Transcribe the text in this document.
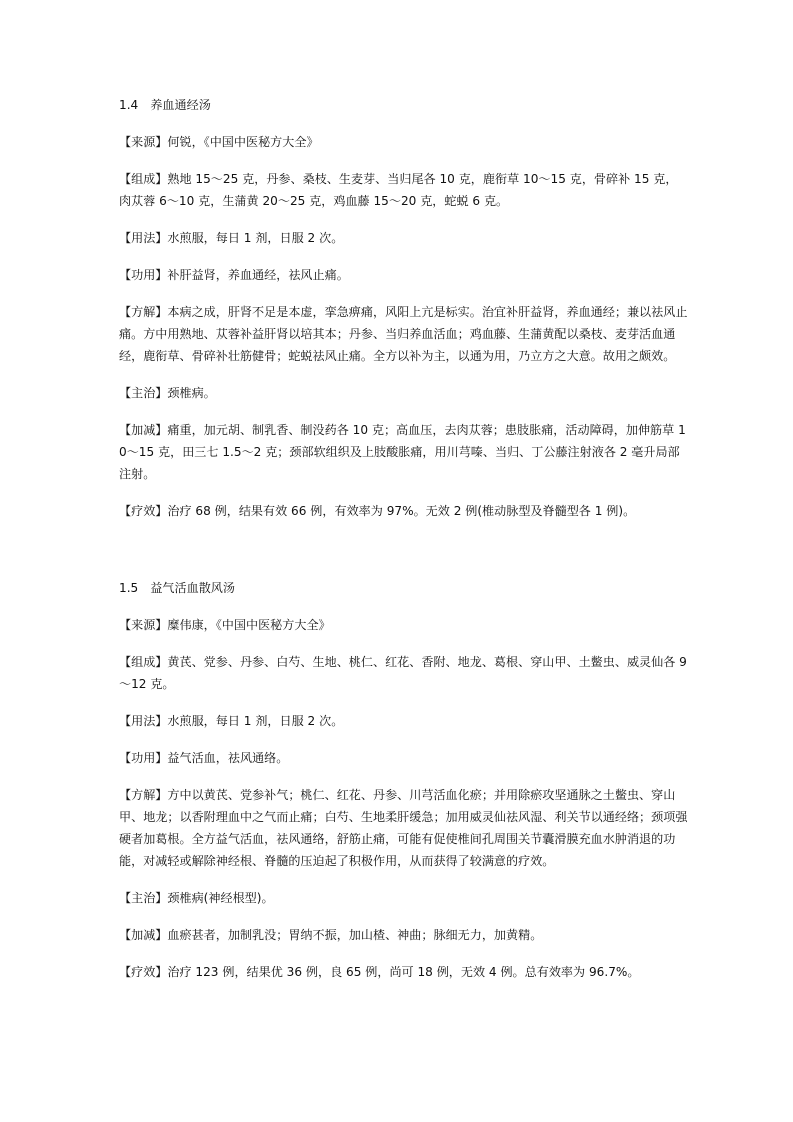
1.4　养血通经汤
【来源】何锐，《中国中医秘方大全》
【组成】熟地 15～25 克，丹参、桑枝、生麦芽、当归尾各 10 克，鹿衔草 10～15 克，骨碎补 15 克，肉苁蓉 6～10 克，生蒲黄 20～25 克，鸡血藤 15～20 克，蛇蜕 6 克。
【用法】水煎服，每日 1 剂，日服 2 次。
【功用】补肝益肾，养血通经，祛风止痛。
【方解】本病之成，肝肾不足是本虚，挛急痹痛，风阳上亢是标实。治宜补肝益肾，养血通经；兼以祛风止痛。方中用熟地、苁蓉补益肝肾以培其本；丹参、当归养血活血；鸡血藤、生蒲黄配以桑枝、麦芽活血通经，鹿衔草、骨碎补壮筋健骨；蛇蜕祛风止痛。全方以补为主，以通为用，乃立方之大意。故用之颇效。
【主治】颈椎病。
【加减】痛重，加元胡、制乳香、制没药各 10 克；高血压，去肉苁蓉；患肢胀痛，活动障碍，加伸筋草 10～15 克，田三七 1.5～2 克；颈部软组织及上肢酸胀痛，用川芎嗪、当归、丁公藤注射液各 2 毫升局部注射。
【疗效】治疗 68 例，结果有效 66 例，有效率为 97%。无效 2 例(椎动脉型及脊髓型各 1 例)。
1.5　益气活血散风汤
【来源】糜伟康，《中国中医秘方大全》
【组成】黄芪、党参、丹参、白芍、生地、桃仁、红花、香附、地龙、葛根、穿山甲、土鳖虫、威灵仙各 9～12 克。
【用法】水煎服，每日 1 剂，日服 2 次。
【功用】益气活血，祛风通络。
【方解】方中以黄芪、党参补气；桃仁、红花、丹参、川芎活血化瘀；并用除瘀攻坚通脉之土鳖虫、穿山甲、地龙；以香附理血中之气而止痛；白芍、生地柔肝缓急；加用威灵仙祛风湿、利关节以通经络；颈项强硬者加葛根。全方益气活血，祛风通络，舒筋止痛，可能有促使椎间孔周围关节囊滑膜充血水肿消退的功能，对减轻或解除神经根、脊髓的压迫起了积极作用，从而获得了较满意的疗效。
【主治】颈椎病(神经根型)。
【加减】血瘀甚者，加制乳没；胃纳不振，加山楂、神曲；脉细无力，加黄精。
【疗效】治疗 123 例，结果优 36 例，良 65 例，尚可 18 例，无效 4 例。总有效率为 96.7%。
